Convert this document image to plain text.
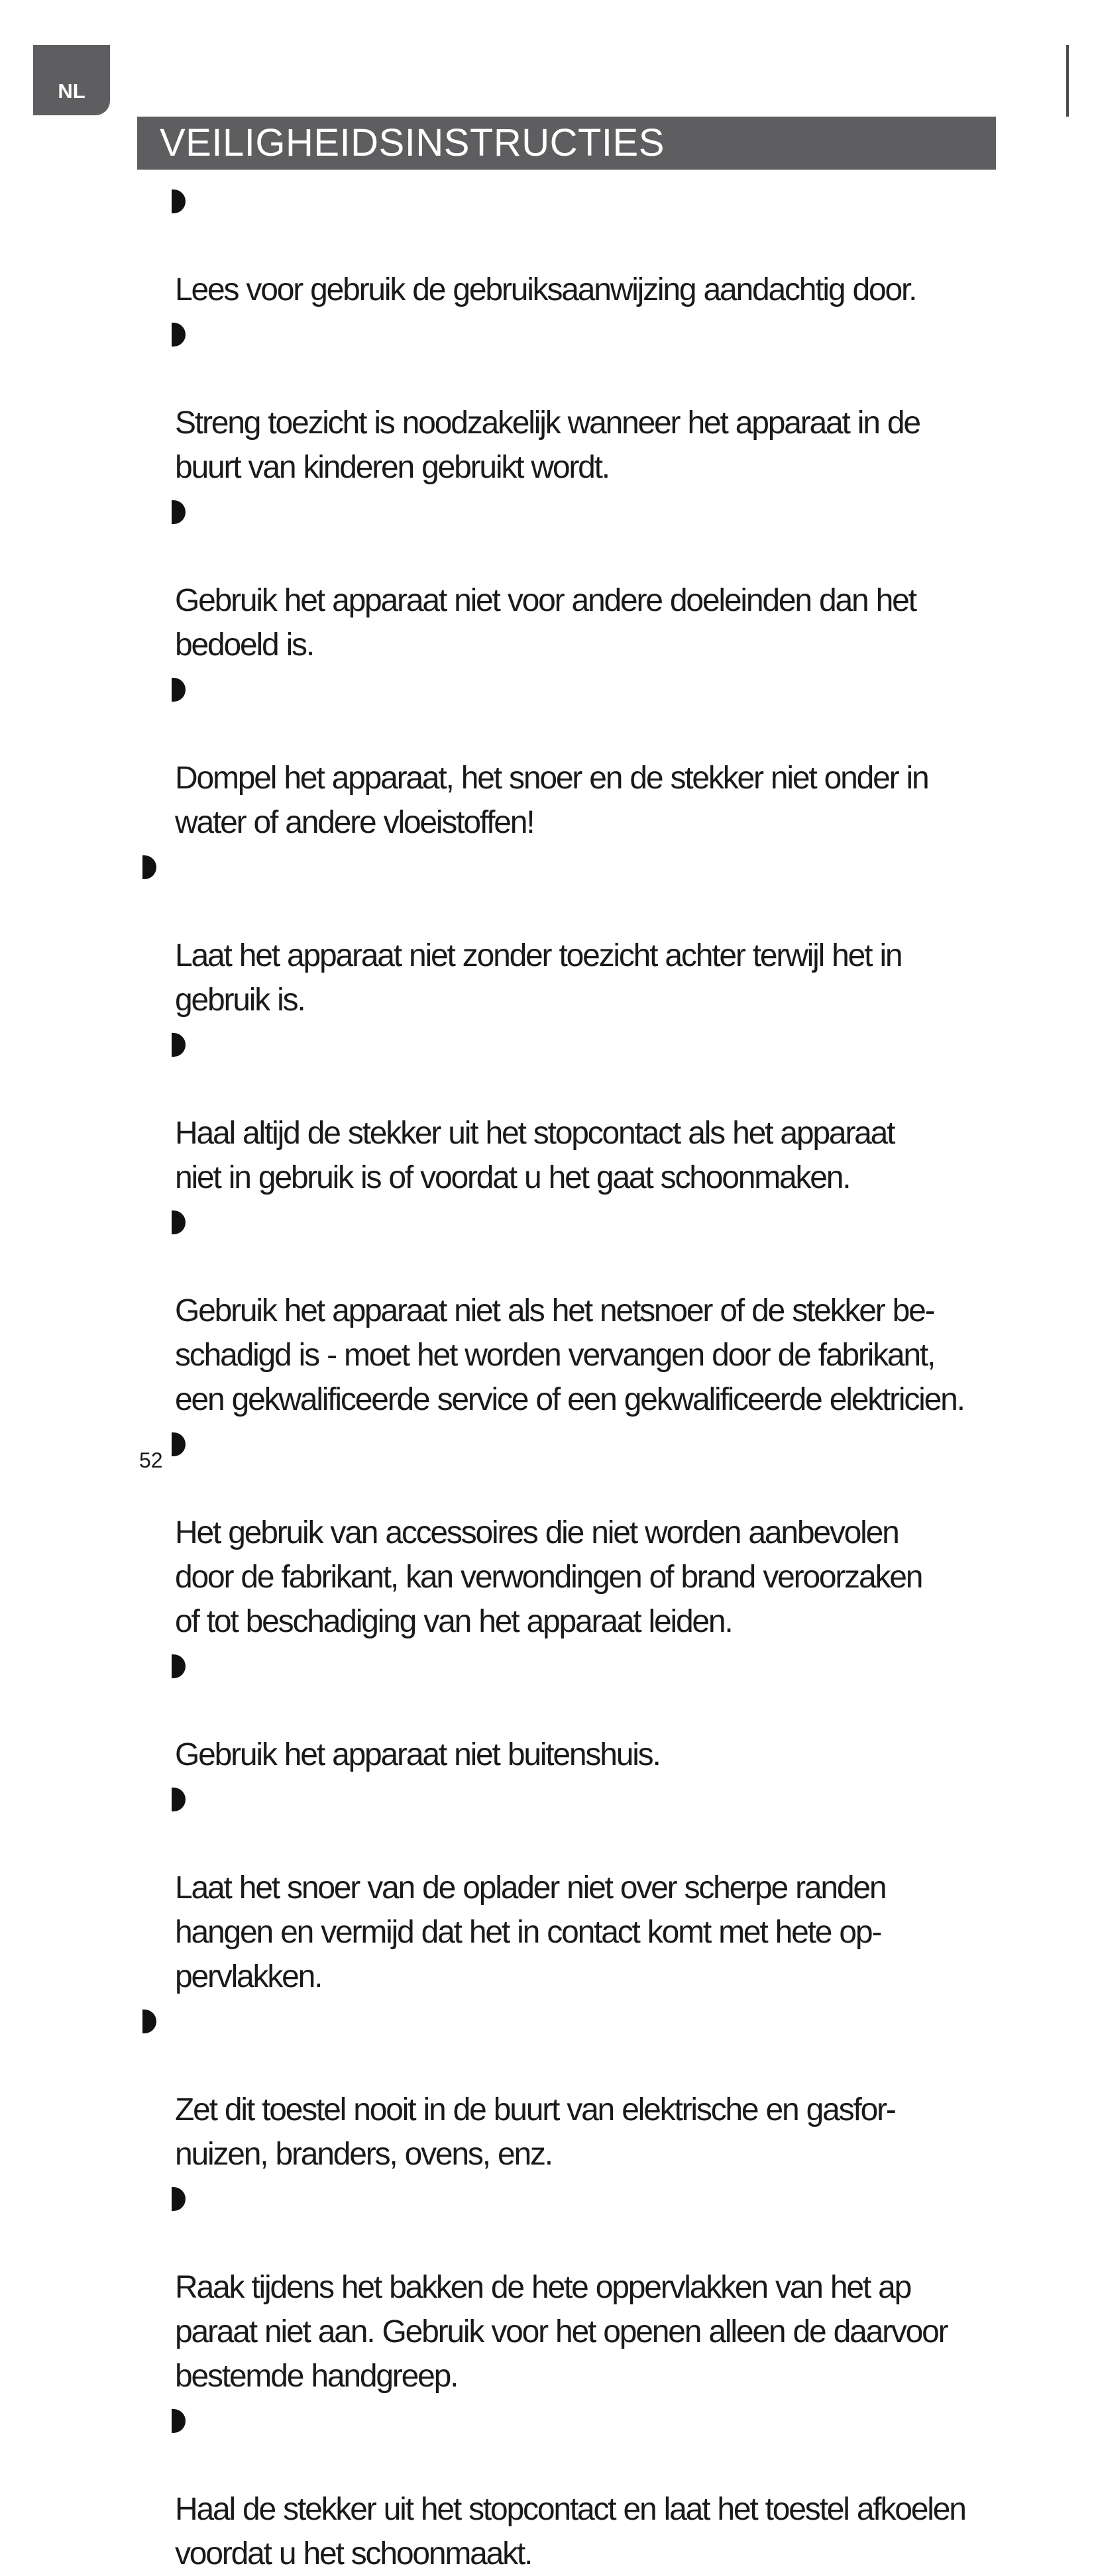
NL
VEILIGHEIDSINSTRUCTIES

Lees voor gebruik de gebruiksaanwijzing aandachtig door.

Streng toezicht is noodzakelijk wanneer het apparaat in de
buurt van kinderen gebruikt wordt.

Gebruik het apparaat niet voor andere doeleinden dan het
bedoeld is.

Dompel het apparaat, het snoer en de stekker niet onder in
water of andere vloeistoffen!

Laat het apparaat niet zonder toezicht achter terwijl het in
gebruik is.

Haal altijd de stekker uit het stopcontact als het apparaat
niet in gebruik is of voordat u het gaat schoonmaken.

Gebruik het apparaat niet als het netsnoer of de stekker be-
schadigd is - moet het worden vervangen door de fabrikant,
een gekwalificeerde service of een gekwalificeerde elektricien.

Het gebruik van accessoires die niet worden aanbevolen
door de fabrikant, kan verwondingen of brand veroorzaken
of tot beschadiging van het apparaat leiden.

Gebruik het apparaat niet buitenshuis.

Laat het snoer van de oplader niet over scherpe randen
hangen en vermijd dat het in contact komt met hete op-
pervlakken.

Zet dit toestel nooit in de buurt van elektrische en gasfor-
nuizen, branders, ovens, enz.

Raak tijdens het bakken de hete oppervlakken van het ap
paraat niet aan. Gebruik voor het openen alleen de daarvoor
bestemde handgreep.

Haal de stekker uit het stopcontact en laat het toestel afkoelen
voordat u het schoonmaakt.

52
